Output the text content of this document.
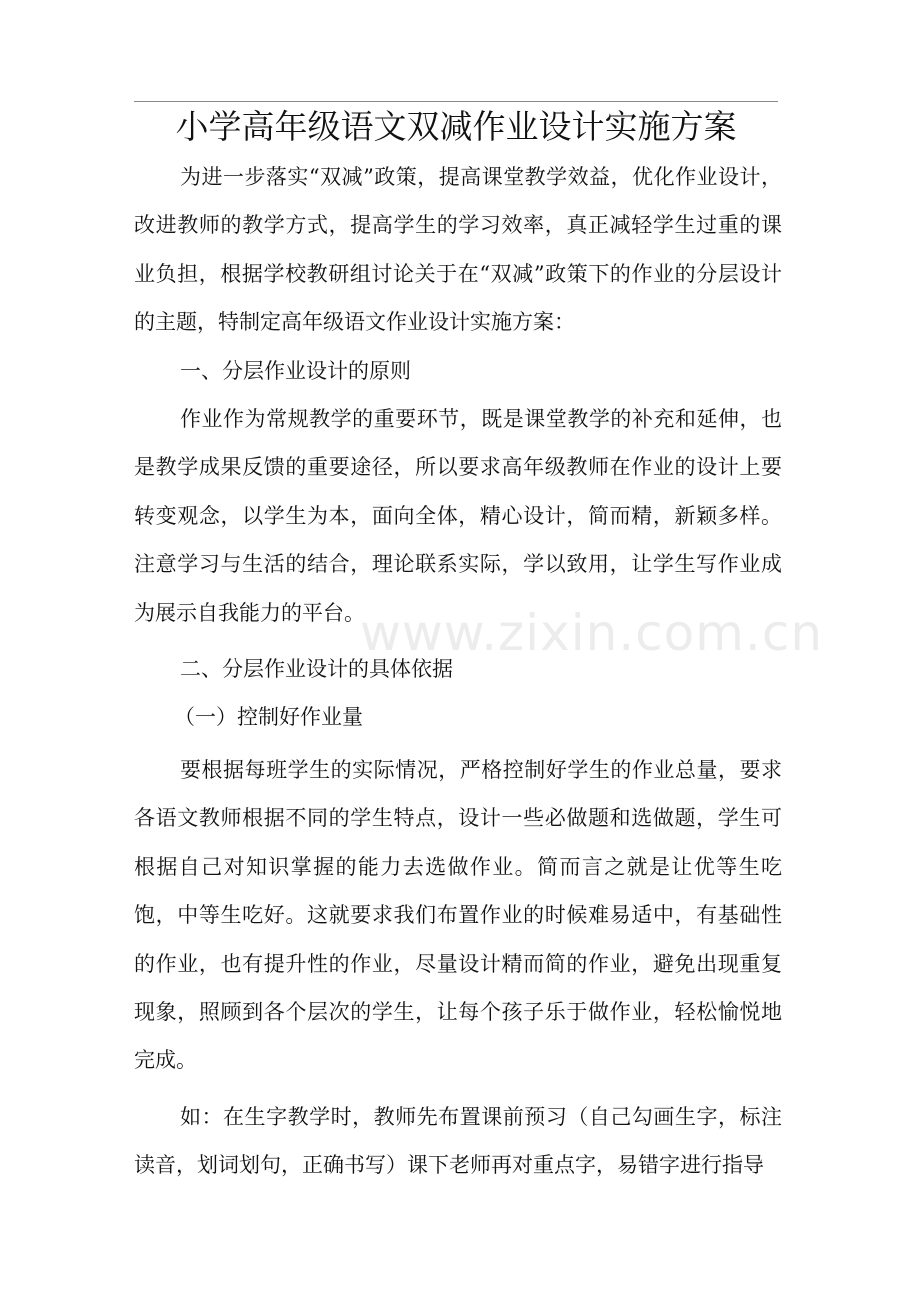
小学高年级语文双减作业设计实施方案

为进一步落实“双减”政策，提高课堂教学效益，优化作业设计，改进教师的教学方式，提高学生的学习效率，真正减轻学生过重的课业负担，根据学校教研组讨论关于在“双减”政策下的作业的分层设计的主题，特制定高年级语文作业设计实施方案：

一、分层作业设计的原则

作业作为常规教学的重要环节，既是课堂教学的补充和延伸，也是教学成果反馈的重要途径，所以要求高年级教师在作业的设计上要转变观念，以学生为本，面向全体，精心设计，简而精，新颖多样。注意学习与生活的结合，理论联系实际，学以致用，让学生写作业成为展示自我能力的平台。

二、分层作业设计的具体依据

（一）控制好作业量

要根据每班学生的实际情况，严格控制好学生的作业总量，要求各语文教师根据不同的学生特点，设计一些必做题和选做题，学生可根据自己对知识掌握的能力去选做作业。简而言之就是让优等生吃饱，中等生吃好。这就要求我们布置作业的时候难易适中，有基础性的作业，也有提升性的作业，尽量设计精而简的作业，避免出现重复现象，照顾到各个层次的学生，让每个孩子乐于做作业，轻松愉悦地完成。

如：在生字教学时，教师先布置课前预习（自己勾画生字，标注读音，划词划句，正确书写）课下老师再对重点字，易错字进行指导

www.zixin.com.cn
